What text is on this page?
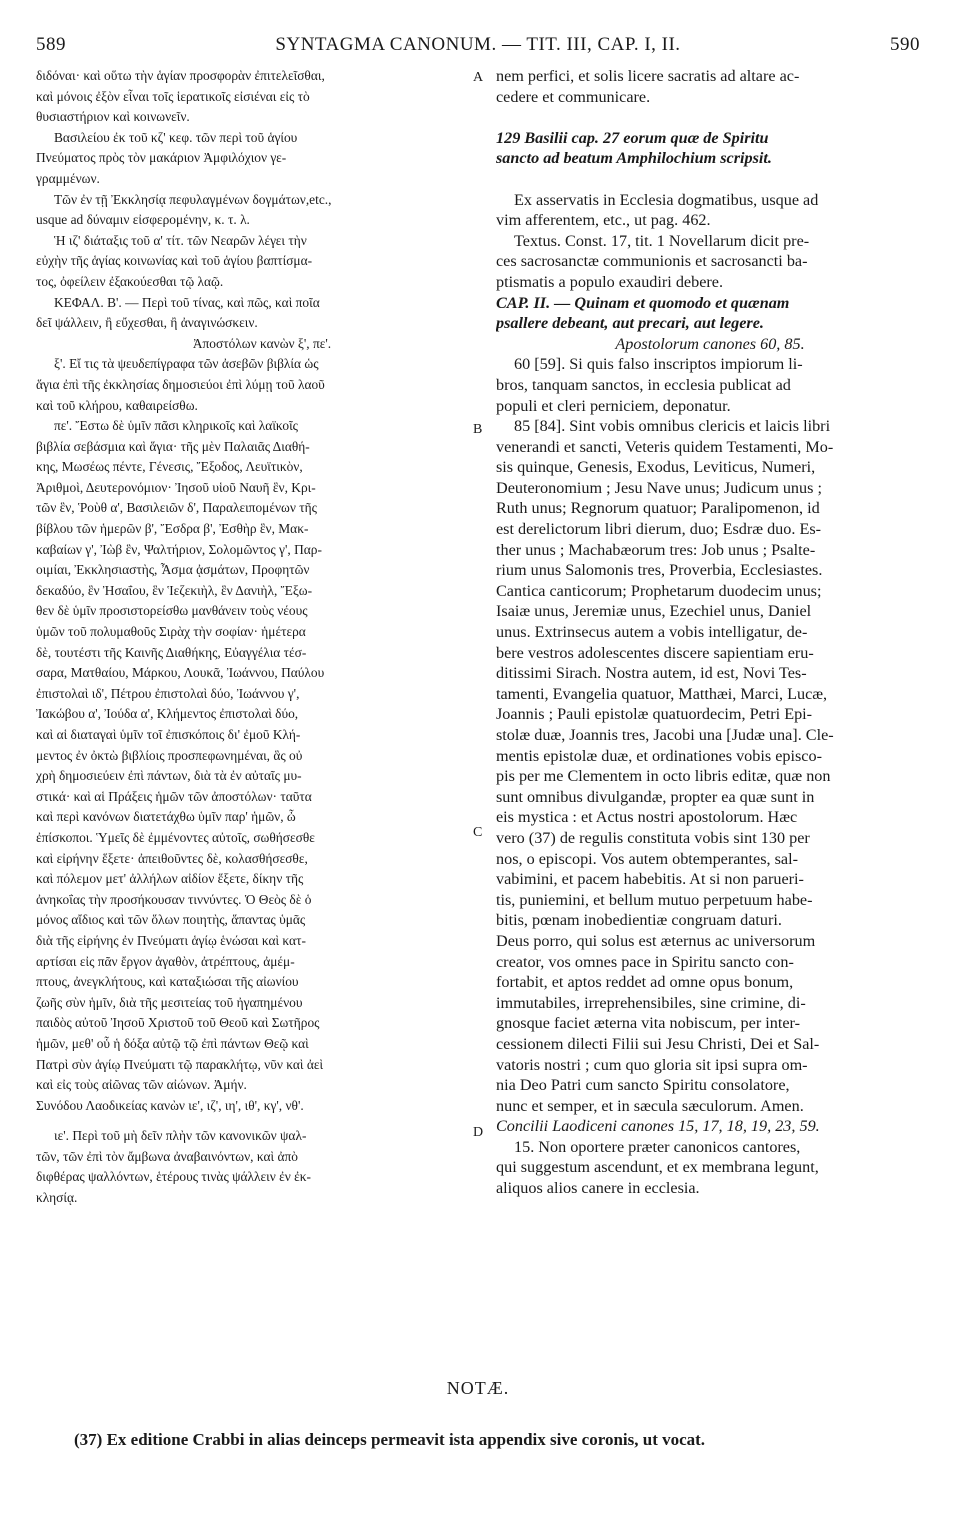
589	SYNTAGMA CANONUM. — TIT. III, CAP. I, II.	590
A
B
C
D
διδόναι· καὶ οὕτω τὴν ἁγίαν προσφορὰν ἐπιτελεῖσθαι,
καὶ μόνοις ἐξὸν εἶναι τοῖς ἱερατικοῖς εἰσιέναι εἰς τὸ
θυσιαστήριον καὶ κοινωνεῖν.
Βασιλείου ἐκ τοῦ κζ' κεφ. τῶν περὶ τοῦ ἁγίου
Πνεύματος πρὸς τὸν μακάριον Ἀμφιλόχιον γε-
γραμμένων.
Τῶν ἐν τῇ Ἐκκλησίᾳ πεφυλαγμένων δογμάτων,etc.,
usque ad δύναμιν εἰσφερομένην, κ. τ. λ.
Ἡ ιζ' διάταξις τοῦ α' τίτ. τῶν Νεαρῶν λέγει τὴν
εὐχὴν τῆς ἁγίας κοινωνίας καὶ τοῦ ἁγίου βαπτίσμα-
τος, ὀφείλειν ἐξακούεσθαι τῷ λαῷ.
ΚΕΦΑΛ. Β'. — Περὶ τοῦ τίνας, καὶ πῶς, καὶ ποῖα
δεῖ ψάλλειν, ἢ εὔχεσθαι, ἢ ἀναγινώσκειν.
Ἀποστόλων κανὼν ξ', πε'.
ξ'. Εἴ τις τὰ ψευδεπίγραφα τῶν ἀσεβῶν βιβλία ὡς
ἅγια ἐπὶ τῆς ἐκκλησίας δημοσιεύοι ἐπὶ λύμῃ τοῦ λαοῦ
καὶ τοῦ κλήρου, καθαιρείσθω.
πε'. Ἔστω δὲ ὑμῖν πᾶσι κληρικοῖς καὶ λαϊκοῖς
βιβλία σεβάσμια καὶ ἅγια· τῆς μὲν Παλαιᾶς Διαθή-
κης, Μωσέως πέντε, Γένεσις, Ἔξοδος, Λευϊτικὸν,
Ἀριθμοὶ, Δευτερονόμιον· Ἰησοῦ υἱοῦ Ναυῆ ἓν, Κρι-
τῶν ἓν, Ῥοὺθ α', Βασιλειῶν δ', Παραλειπομένων τῆς
βίβλου τῶν ἡμερῶν β', Ἔσδρα β', Ἐσθὴρ ἓν, Μακ-
καβαίων γ', Ἰὼβ ἓν, Ψαλτήριον, Σολομῶντος γ', Παρ-
οιμίαι, Ἐκκλησιαστὴς, Ἆσμα ᾀσμάτων, Προφητῶν
δεκαδύο, ἓν Ἠσαΐου, ἓν Ἱεζεκιὴλ, ἓν Δανιὴλ, Ἔξω-
θεν δὲ ὑμῖν προσιστορείσθω μανθάνειν τοὺς νέους
ὑμῶν τοῦ πολυμαθοῦς Σιρὰχ τὴν σοφίαν· ἡμέτερα
δὲ, τουτέστι τῆς Καινῆς Διαθήκης, Εὐαγγέλια τέσ-
σαρα, Ματθαίου, Μάρκου, Λουκᾶ, Ἰωάννου, Παύλου
ἐπιστολαὶ ιδ', Πέτρου ἐπιστολαὶ δύο, Ἰωάννου γ',
Ἰακώβου α', Ἰούδα α', Κλήμεντος ἐπιστολαὶ δύο,
καὶ αἱ διαταγαὶ ὑμῖν τοῖ ἐπισκόποις δι' ἐμοῦ Κλή-
μεντος ἐν ὀκτὼ βιβλίοις προσπεφωνημέναι, ἃς οὐ
χρὴ δημοσιεύειν ἐπὶ πάντων, διὰ τὰ ἐν αὐταῖς μυ-
στικά· καὶ αἱ Πράξεις ἡμῶν τῶν ἀποστόλων· ταῦτα
καὶ περὶ κανόνων διατετάχθω ὑμῖν παρ' ἡμῶν, ὦ
ἐπίσκοποι. Ὑμεῖς δὲ ἐμμένοντες αὐτοῖς, σωθήσεσθε
καὶ εἰρήνην ἕξετε· ἀπειθοῦντες δὲ, κολασθήσεσθε,
καὶ πόλεμον μετ' ἀλλήλων αἰδίον ἕξετε, δίκην τῆς
ἀνηκοΐας τὴν προσήκουσαν τιννύντες. Ὁ Θεὸς δὲ ὁ
μόνος αἴδιος καὶ τῶν ὅλων ποιητὴς, ἅπαντας ὑμᾶς
διὰ τῆς εἰρήνης ἐν Πνεύματι ἁγίῳ ἑνώσαι καὶ κατ-
αρτίσαι εἰς πᾶν ἔργον ἀγαθὸν, ἀτρέπτους, ἀμέμ-
πτους, ἀνεγκλήτους, καὶ καταξιώσαι τῆς αἰωνίου
ζωῆς σὺν ἡμῖν, διὰ τῆς μεσιτείας τοῦ ἠγαπημένου
παιδὸς αὐτοῦ Ἰησοῦ Χριστοῦ τοῦ Θεοῦ καὶ Σωτῆρος
ἡμῶν, μεθ' οὗ ἡ δόξα αὐτῷ τῷ ἐπὶ πάντων Θεῷ καὶ
Πατρὶ σὺν ἁγίῳ Πνεύματι τῷ παρακλήτῳ, νῦν καὶ ἀεὶ
καὶ εἰς τοὺς αἰῶνας τῶν αἰώνων. Ἀμήν.
Συνόδου Λαοδικείας κανὼν ιε', ιζ', ιη', ιθ', κγ', νθ'.
ιε'. Περὶ τοῦ μὴ δεῖν πλὴν τῶν κανονικῶν ψαλ-
τῶν, τῶν ἐπὶ τὸν ἄμβωνα ἀναβαινόντων, καὶ ἀπὸ
διφθέρας ψαλλόντων, ἑτέρους τινὰς ψάλλειν ἐν ἐκ-
κλησίᾳ.
nem perfici, et solis licere sacratis ad altare ac-
cedere et communicare.
129 Basilii cap. 27 eorum quæ de Spiritu
sancto ad beatum Amphilochium scripsit.
Ex asservatis in Ecclesia dogmatibus, usque ad
vim afferentem, etc., ut pag. 462.
Textus. Const. 17, tit. 1 Novellarum dicit pre-
ces sacrosanctæ communionis et sacrosancti ba-
ptismatis a populo exaudiri debere.
CAP. II. — Quinam et quomodo et quænam
psallere debeant, aut precari, aut legere.
Apostolorum canones 60, 85.
60 [59]. Si quis falso inscriptos impiorum li-
bros, tanquam sanctos, in ecclesia publicat ad
populi et cleri perniciem, deponatur.
85 [84]. Sint vobis omnibus clericis et laicis libri
venerandi et sancti, Veteris quidem Testamenti, Mo-
sis quinque, Genesis, Exodus, Leviticus, Numeri,
Deuteronomium ; Jesu Nave unus; Judicum unus ;
Ruth unus; Regnorum quatuor; Paralipomenon, id
est derelictorum libri dierum, duo; Esdræ duo. Es-
ther unus ; Machabæorum tres: Job unus ; Psalte-
rium unus Salomonis tres, Proverbia, Ecclesiastes.
Cantica canticorum; Prophetarum duodecim unus;
Isaiæ unus, Jeremiæ unus, Ezechiel unus, Daniel
unus. Extrinsecus autem a vobis intelligatur, de-
bere vestros adolescentes discere sapientiam eru-
ditissimi Sirach. Nostra autem, id est, Novi Tes-
tamenti, Evangelia quatuor, Matthæi, Marci, Lucæ,
Joannis ; Pauli epistolæ quatuordecim, Petri Epi-
stolæ duæ, Joannis tres, Jacobi una [Judæ una]. Cle-
mentis epistolæ duæ, et ordinationes vobis episco-
pis per me Clementem in octo libris editæ, quæ non
sunt omnibus divulgandæ, propter ea quæ sunt in
eis mystica : et Actus nostri apostolorum. Hæc
vero (37) de regulis constituta vobis sint 130 per
nos, o episcopi. Vos autem obtemperantes, sal-
vabimini, et pacem habebitis. At si non parueri-
tis, puniemini, et bellum mutuo perpetuum habe-
bitis, pœnam inobedientiæ congruam daturi.
Deus porro, qui solus est æternus ac universorum
creator, vos omnes pace in Spiritu sancto con-
fortabit, et aptos reddet ad omne opus bonum,
immutabiles, irreprehensibiles, sine crimine, di-
gnosque faciet æterna vita nobiscum, per inter-
cessionem dilecti Filii sui Jesu Christi, Dei et Sal-
vatoris nostri ; cum quo gloria sit ipsi supra om-
nia Deo Patri cum sancto Spiritu consolatore,
nunc et semper, et in sæcula sæculorum. Amen.
Concilii Laodiceni canones 15, 17, 18, 19, 23, 59.
15. Non oportere præter canonicos cantores,
qui suggestum ascendunt, et ex membrana legunt,
aliquos alios canere in ecclesia.
NOTÆ.
(37) Ex editione Crabbi in alias deinceps permeavit ista appendix sive coronis, ut vocat.
